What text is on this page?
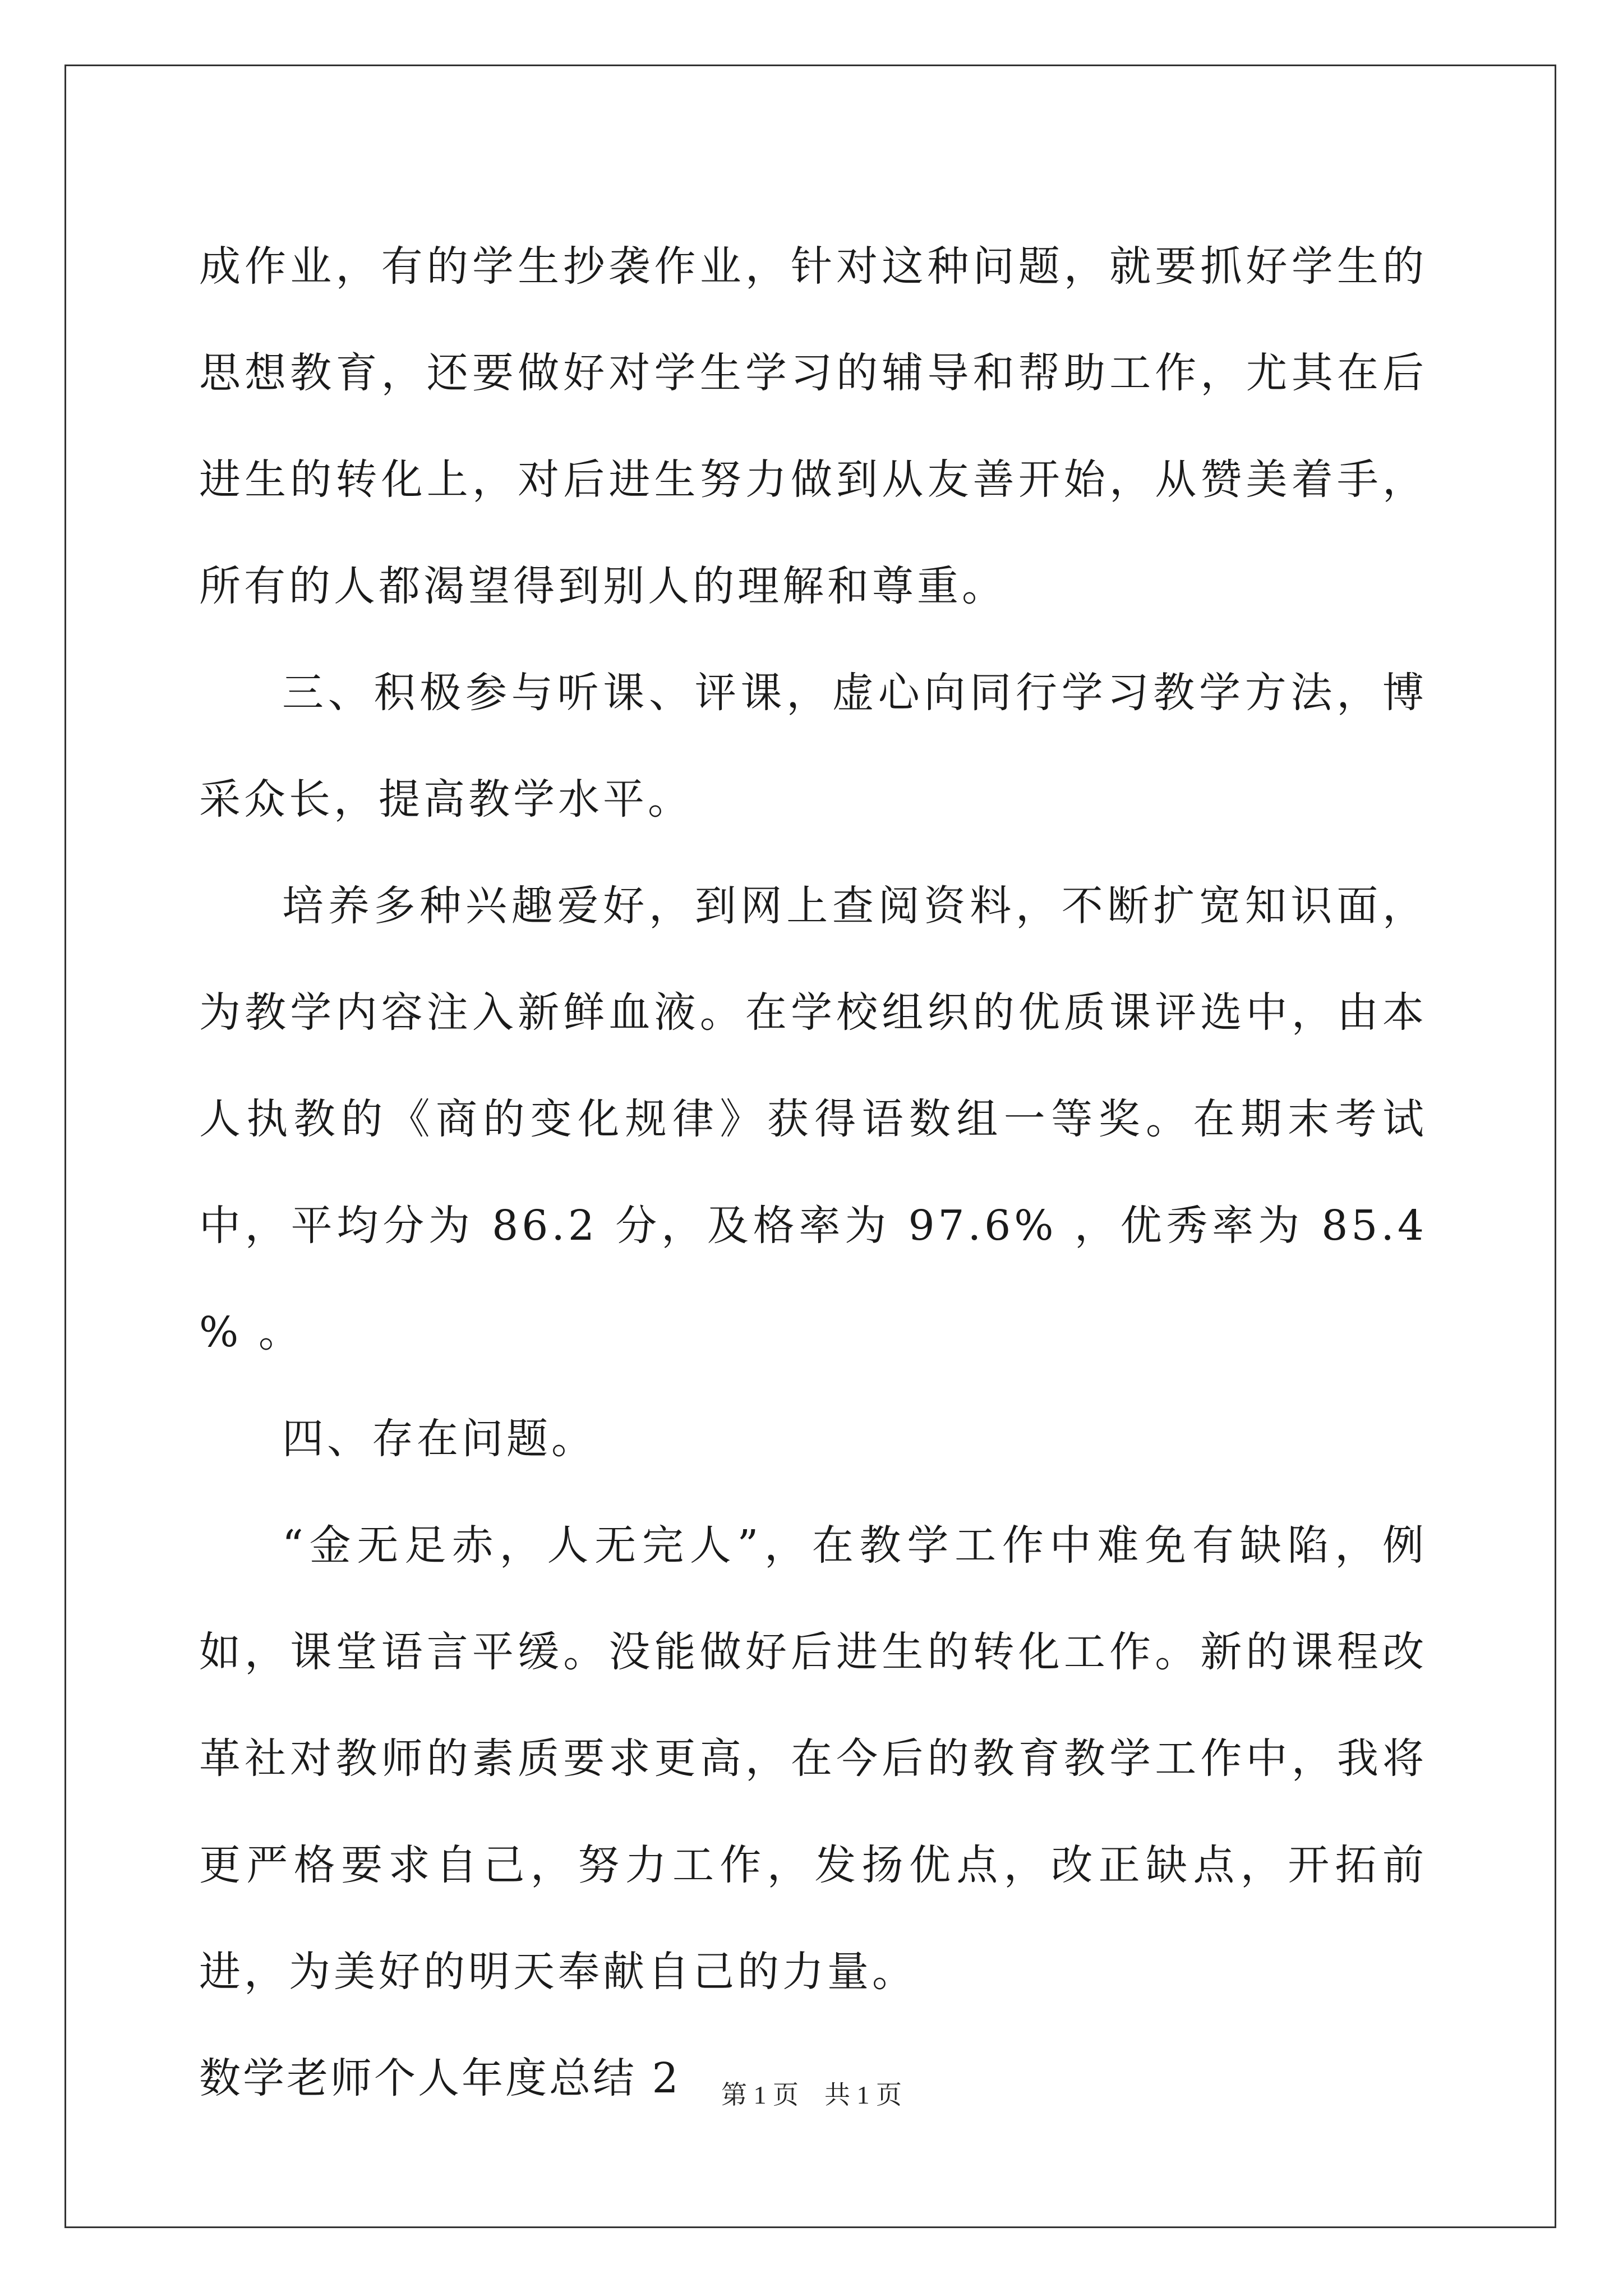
成作业，有的学生抄袭作业，针对这种问题，就要抓好学生的思想教育，还要做好对学生学习的辅导和帮助工作，尤其在后进生的转化上，对后进生努力做到从友善开始，从赞美着手，所有的人都渴望得到别人的理解和尊重。

三、积极参与听课、评课，虚心向同行学习教学方法，博采众长，提高教学水平。

培养多种兴趣爱好，到网上查阅资料，不断扩宽知识面，为教学内容注入新鲜血液。在学校组织的优质课评选中，由本人执教的《商的变化规律》获得语数组一等奖。在期末考试中，平均分为 86.2 分，及格率为 97.6% ，优秀率为 85.4 % 。

四、存在问题。

“金无足赤，人无完人”，在教学工作中难免有缺陷，例如，课堂语言平缓。没能做好后进生的转化工作。新的课程改革社对教师的素质要求更高，在今后的教育教学工作中，我将更严格要求自己，努力工作，发扬优点，改正缺点，开拓前进，为美好的明天奉献自己的力量。

数学老师个人年度总结 2	第 1 页　共 1 页
